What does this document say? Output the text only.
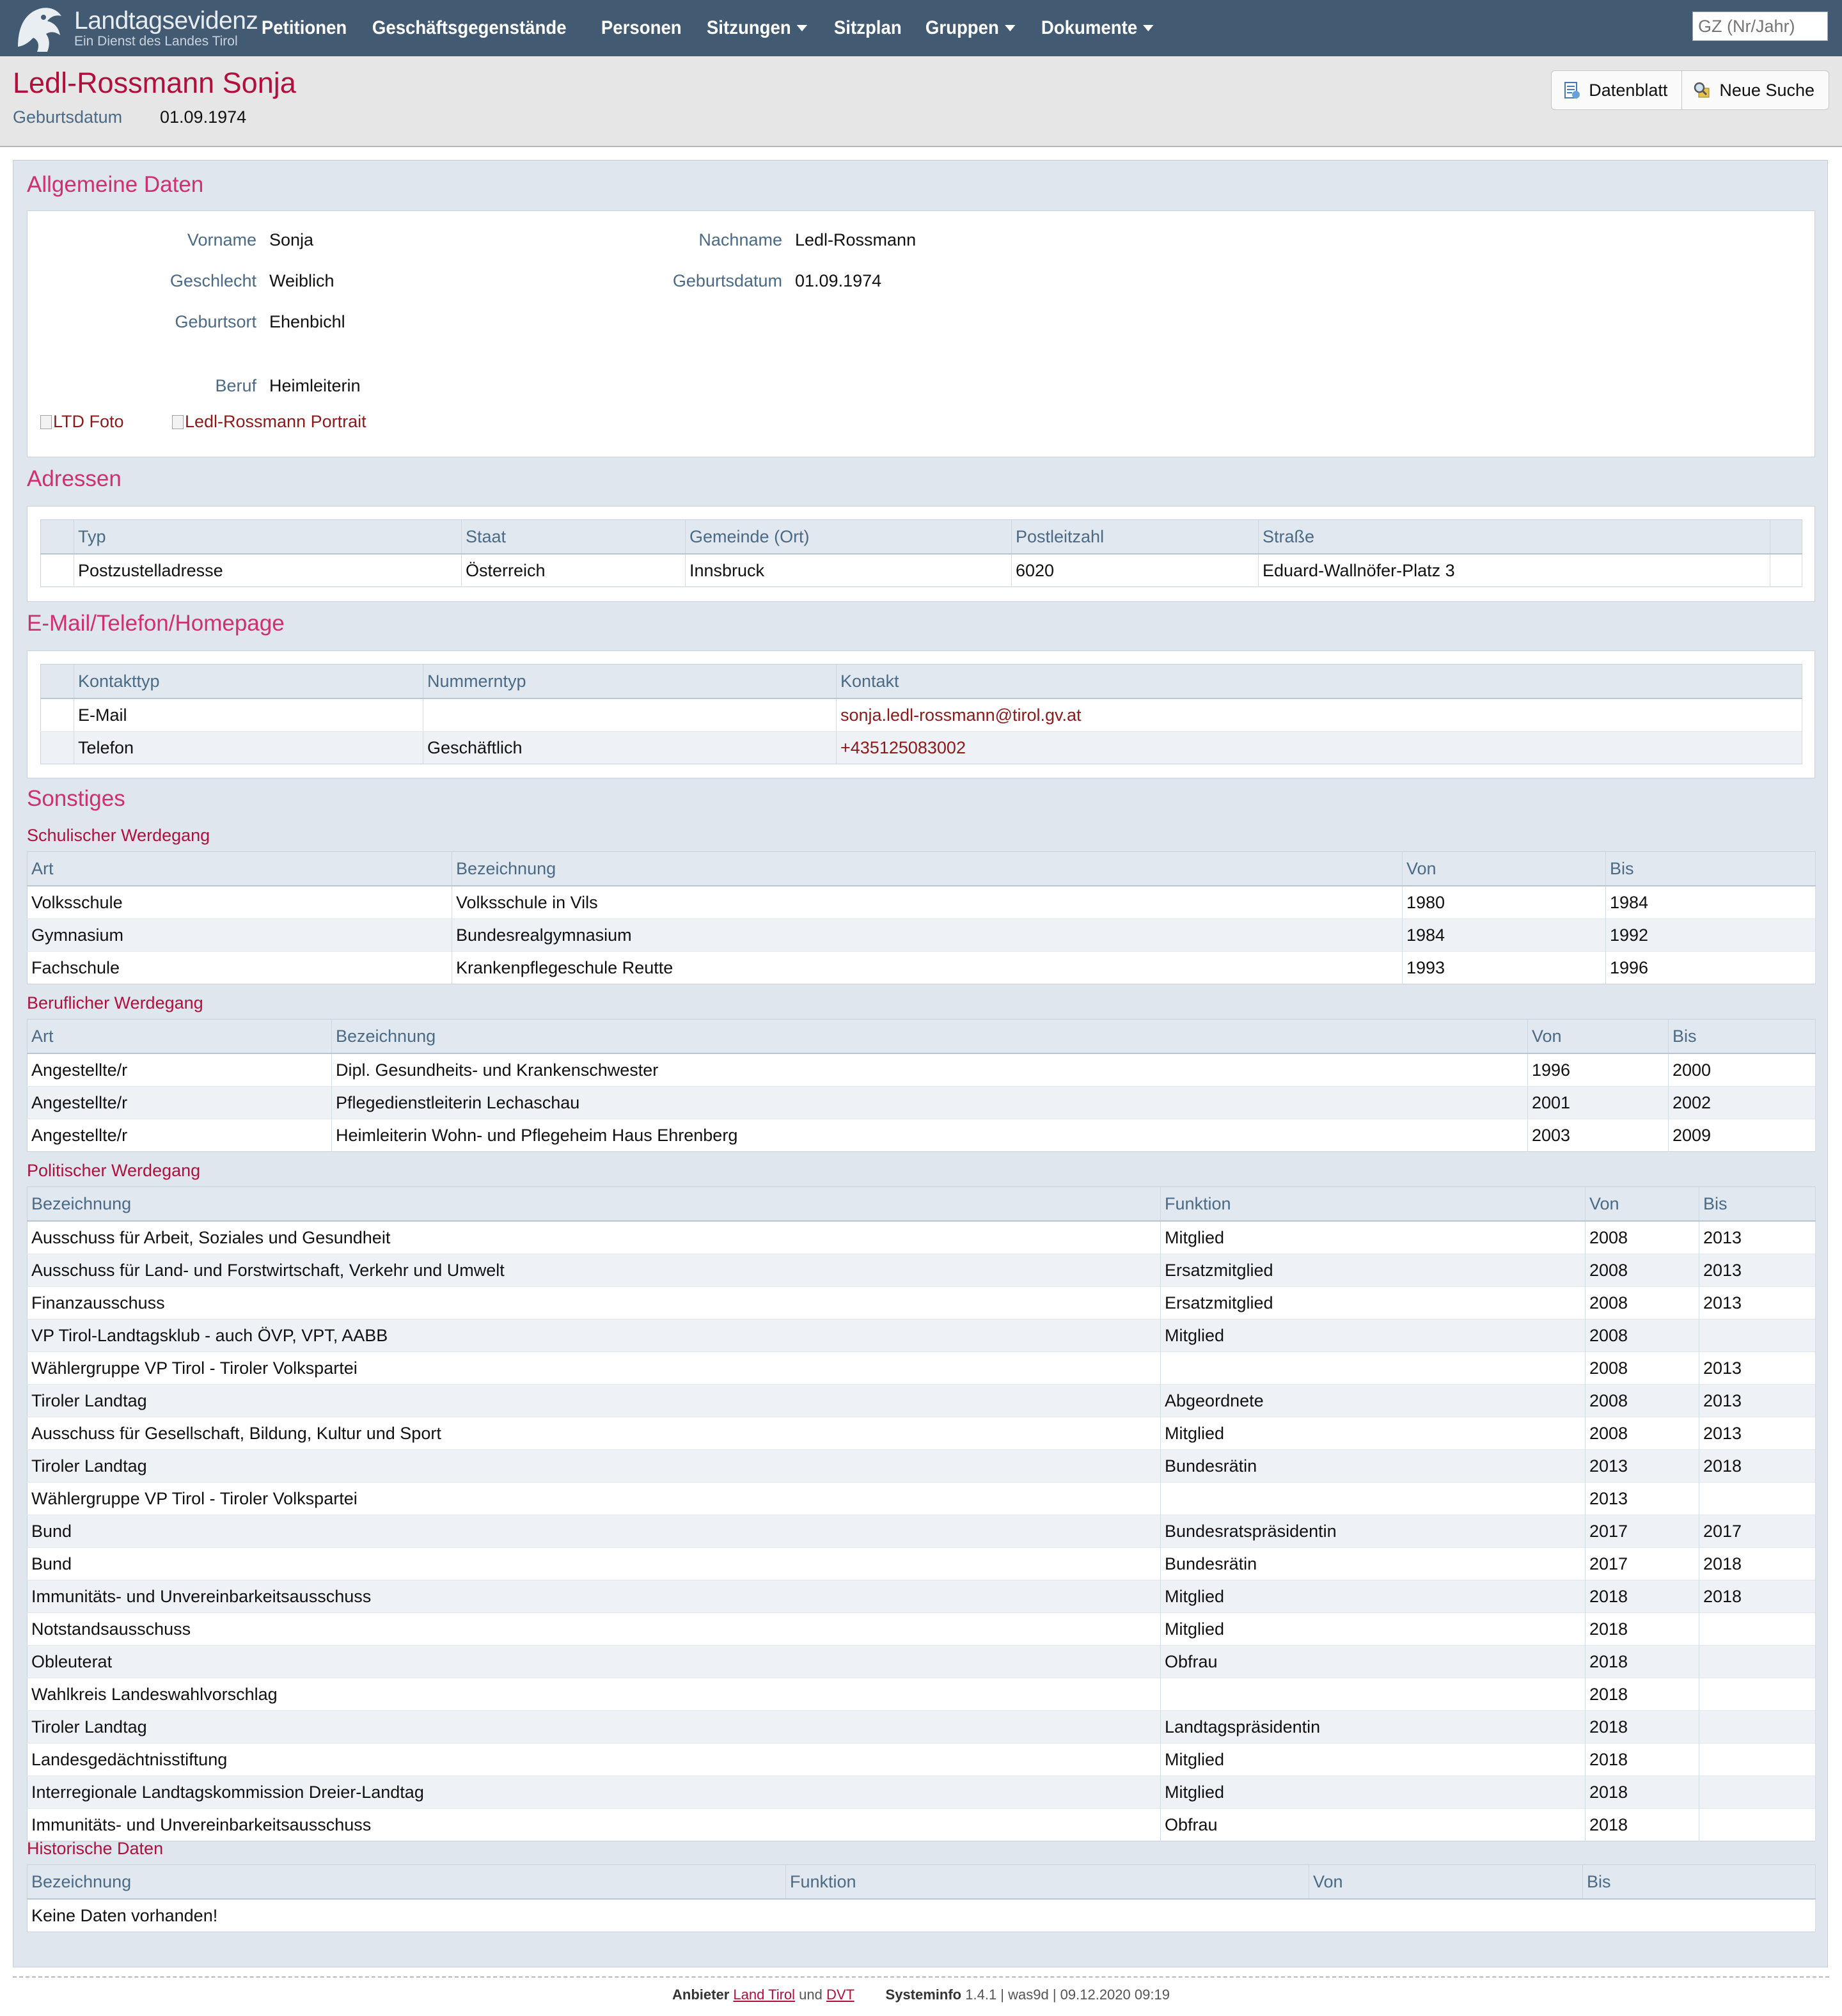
Landtagsevidenz
Ein Dienst des Landes Tirol
Petitionen Geschäftsgegenstände Personen Sitzungen Sitzplan Gruppen Dokumente
GZ (Nr/Jahr)
Ledl-Rossmann Sonja
Geburtsdatum 01.09.1974
Datenblatt	Neue Suche
Allgemeine Daten
Vorname Sonja	Nachname Ledl-Rossmann
Geschlecht Weiblich	Geburtsdatum 01.09.1974
Geburtsort Ehenbichl
Beruf Heimleiterin
LTD Foto	Ledl-Rossmann Portrait
Adressen
	Typ	Staat	Gemeinde (Ort)	Postleitzahl	Straße	
	Postzustelladresse	Österreich	Innsbruck	6020	Eduard-Wallnöfer-Platz 3	
E-Mail/Telefon/Homepage
	Kontakttyp	Nummerntyp	Kontakt
	E-Mail		sonja.ledl-rossmann@tirol.gv.at
	Telefon	Geschäftlich	+435125083002
Sonstiges
Schulischer Werdegang
Art	Bezeichnung	Von	Bis
Volksschule	Volksschule in Vils	1980	1984
Gymnasium	Bundesrealgymnasium	1984	1992
Fachschule	Krankenpflegeschule Reutte	1993	1996
Beruflicher Werdegang
Art	Bezeichnung	Von	Bis
Angestellte/r	Dipl. Gesundheits- und Krankenschwester	1996	2000
Angestellte/r	Pflegedienstleiterin Lechaschau	2001	2002
Angestellte/r	Heimleiterin Wohn- und Pflegeheim Haus Ehrenberg	2003	2009
Politischer Werdegang
Bezeichnung	Funktion	Von	Bis
Ausschuss für Arbeit, Soziales und Gesundheit	Mitglied	2008	2013
Ausschuss für Land- und Forstwirtschaft, Verkehr und Umwelt	Ersatzmitglied	2008	2013
Finanzausschuss	Ersatzmitglied	2008	2013
VP Tirol-Landtagsklub - auch ÖVP, VPT, AABB	Mitglied	2008	
Wählergruppe VP Tirol - Tiroler Volkspartei		2008	2013
Tiroler Landtag	Abgeordnete	2008	2013
Ausschuss für Gesellschaft, Bildung, Kultur und Sport	Mitglied	2008	2013
Tiroler Landtag	Bundesrätin	2013	2018
Wählergruppe VP Tirol - Tiroler Volkspartei		2013	
Bund	Bundesratspräsidentin	2017	2017
Bund	Bundesrätin	2017	2018
Immunitäts- und Unvereinbarkeitsausschuss	Mitglied	2018	2018
Notstandsausschuss	Mitglied	2018	
Obleuterat	Obfrau	2018	
Wahlkreis Landeswahlvorschlag		2018	
Tiroler Landtag	Landtagspräsidentin	2018	
Landesgedächtnisstiftung	Mitglied	2018	
Interregionale Landtagskommission Dreier-Landtag	Mitglied	2018	
Immunitäts- und Unvereinbarkeitsausschuss	Obfrau	2018	
Historische Daten
Bezeichnung	Funktion	Von	Bis
Keine Daten vorhanden!
Anbieter Land Tirol und DVT Systeminfo 1.4.1 | was9d | 09.12.2020 09:19
